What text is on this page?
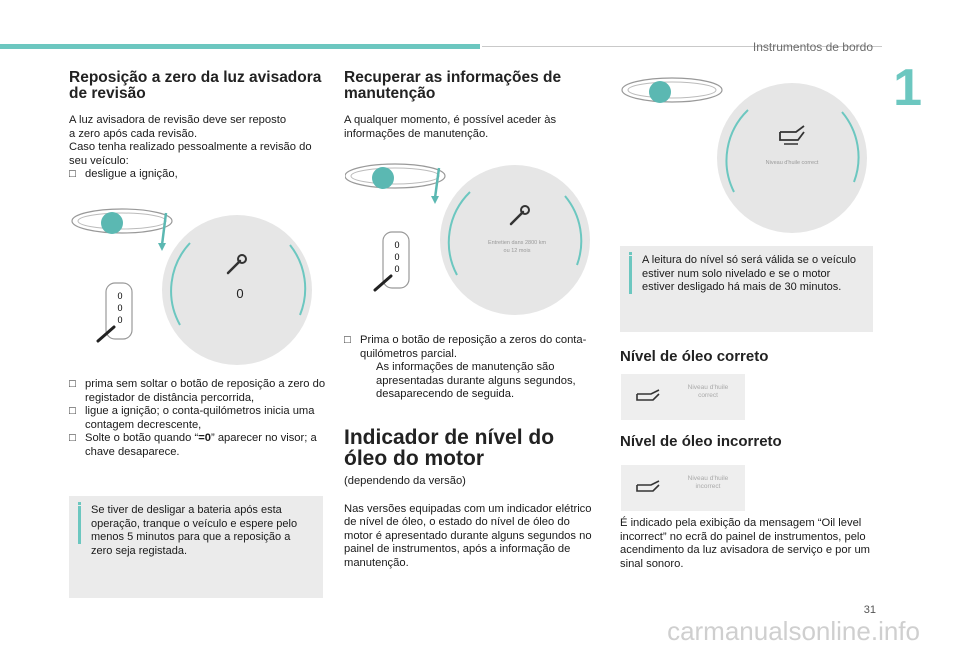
Instrumentos de bordo
1
31
carmanualsonline.info
Reposição a zero da luz avisadora de revisão

A luz avisadora de revisão deve ser reposto

a zero após cada revisão.

Caso tenha realizado pessoalmente a revisão do

seu veículo:

□ desligue a ignição,
0
0
0
0
□ prima sem soltar o botão de reposição a zero do registador de distância percorrida,
□ ligue a ignição; o conta-quilómetros inicia uma contagem decrescente,
□ Solte o botão quando “=0” aparecer no visor; a chave desaparece.
Se tiver de desligar a bateria após esta operação, tranque o veículo e espere pelo menos 5 minutos para que a reposição a zero seja registada.
Recuperar as informações de manutenção

A qualquer momento, é possível aceder às informações de manutenção.

Entretien dans 2800 km
ou 12 mois
0
0
0
□ Prima o botão de reposição a zeros do conta-quilómetros parcial.

As informações de manutenção são apresentadas durante alguns segundos, desaparecendo de seguida.

Indicador de nível do óleo do motor

(dependendo da versão)

Nas versões equipadas com um indicador elétrico de nível de óleo, o estado do nível de óleo do motor é apresentado durante alguns segundos no painel de instrumentos, após a informação de manutenção.

Niveau d'huile correct
A leitura do nível só será válida se o veículo estiver num solo nivelado e se o motor estiver desligado há mais de 30 minutos.
Nível de óleo correto
Niveau d'huile correct
Nível de óleo incorreto
Niveau d'huile incorrect

É indicado pela exibição da mensagem “Oil level incorrect” no ecrã do painel de instrumentos, pelo acendimento da luz avisadora de serviço e por um sinal sonoro.
